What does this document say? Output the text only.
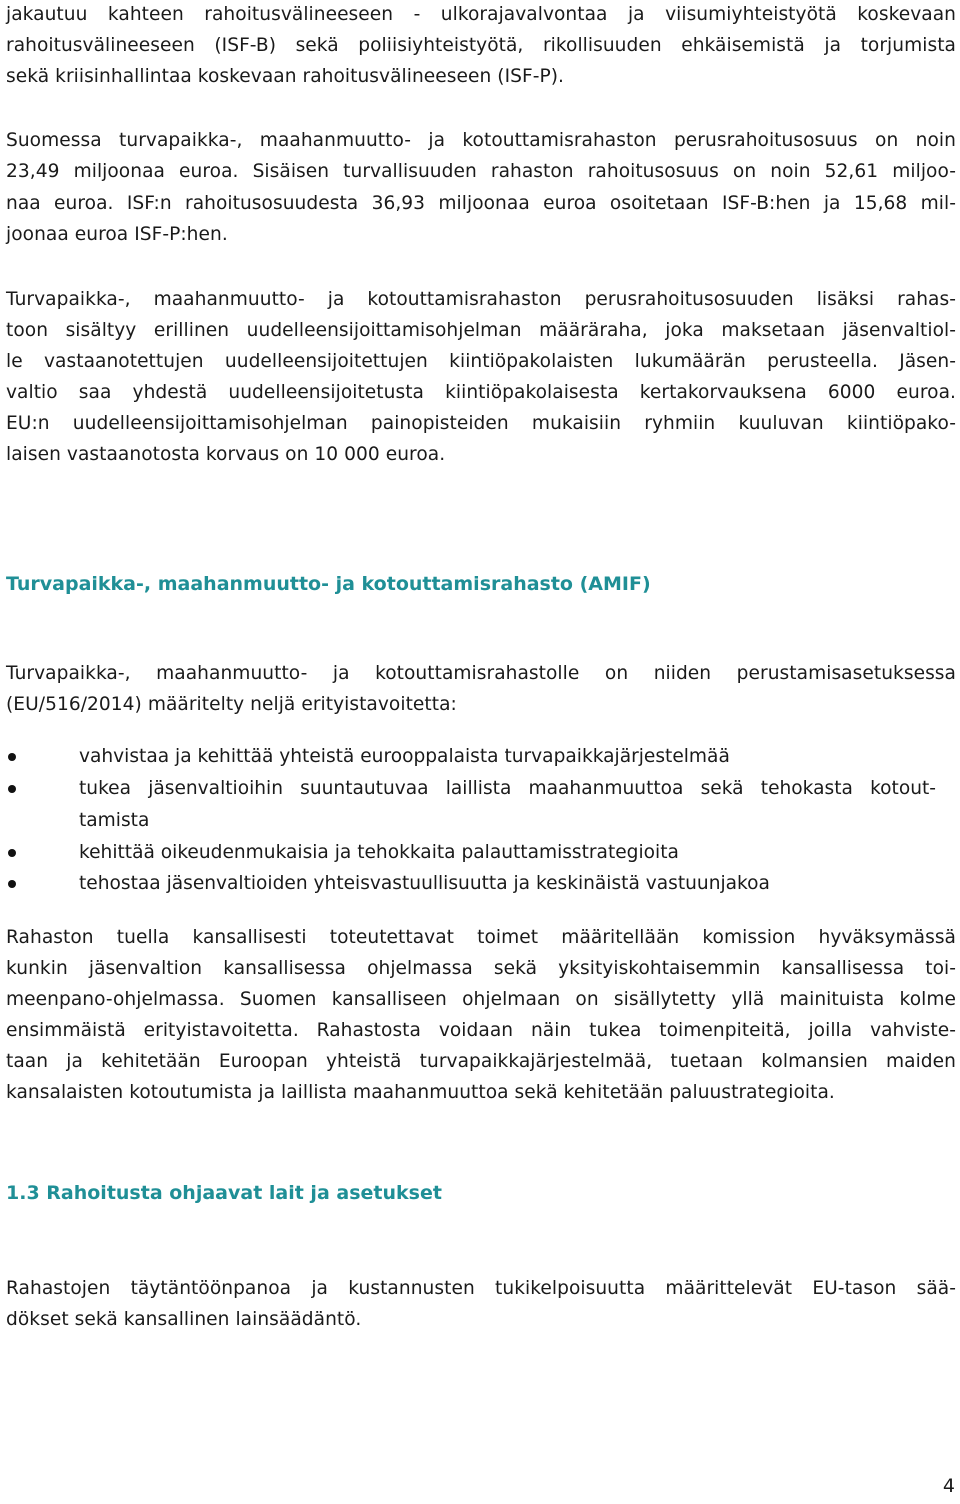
jakautuu kahteen rahoitusvälineeseen - ulkorajavalvontaa ja viisumiyhteistyötä koskevaan
rahoitusvälineeseen (ISF-B) sekä poliisiyhteistyötä, rikollisuuden ehkäisemistä ja torjumista
sekä kriisinhallintaa koskevaan rahoitusvälineeseen (ISF-P).
Suomessa turvapaikka-, maahanmuutto- ja kotouttamisrahaston perusrahoitusosuus on noin
23,49 miljoonaa euroa. Sisäisen turvallisuuden rahaston rahoitusosuus on noin 52,61 miljoo-
naa euroa. ISF:n rahoitusosuudesta 36,93 miljoonaa euroa osoitetaan ISF-B:hen ja 15,68 mil-
joonaa euroa ISF-P:hen.
Turvapaikka-, maahanmuutto- ja kotouttamisrahaston perusrahoitusosuuden lisäksi rahas-
toon sisältyy erillinen uudelleensijoittamisohjelman määräraha, joka maksetaan jäsenvaltiol-
le vastaanotettujen uudelleensijoitettujen kiintiöpakolaisten lukumäärän perusteella. Jäsen-
valtio saa yhdestä uudelleensijoitetusta kiintiöpakolaisesta kertakorvauksena 6000 euroa.
EU:n uudelleensijoittamisohjelman painopisteiden mukaisiin ryhmiin kuuluvan kiintiöpako-
laisen vastaanotosta korvaus on 10 000 euroa.
Turvapaikka-, maahanmuutto- ja kotouttamisrahasto (AMIF)
Turvapaikka-, maahanmuutto- ja kotouttamisrahastolle on niiden perustamisasetuksessa
(EU/516/2014) määritelty neljä erityistavoitetta:
vahvistaa ja kehittää yhteistä eurooppalaista turvapaikkajärjestelmää
tukea jäsenvaltioihin suuntautuvaa laillista maahanmuuttoa sekä tehokasta kotout-
tamista
kehittää oikeudenmukaisia ja tehokkaita palauttamisstrategioita
tehostaa jäsenvaltioiden yhteisvastuullisuutta ja keskinäistä vastuunjakoa
Rahaston tuella kansallisesti toteutettavat toimet määritellään komission hyväksymässä
kunkin jäsenvaltion kansallisessa ohjelmassa sekä yksityiskohtaisemmin kansallisessa toi-
meenpano-ohjelmassa. Suomen kansalliseen ohjelmaan on sisällytetty yllä mainituista kolme
ensimmäistä erityistavoitetta. Rahastosta voidaan näin tukea toimenpiteitä, joilla vahviste-
taan ja kehitetään Euroopan yhteistä turvapaikkajärjestelmää, tuetaan kolmansien maiden
kansalaisten kotoutumista ja laillista maahanmuuttoa sekä kehitetään paluustrategioita.
1.3 Rahoitusta ohjaavat lait ja asetukset
Rahastojen täytäntöönpanoa ja kustannusten tukikelpoisuutta määrittelevät EU-tason sää-
dökset sekä kansallinen lainsäädäntö.
4
